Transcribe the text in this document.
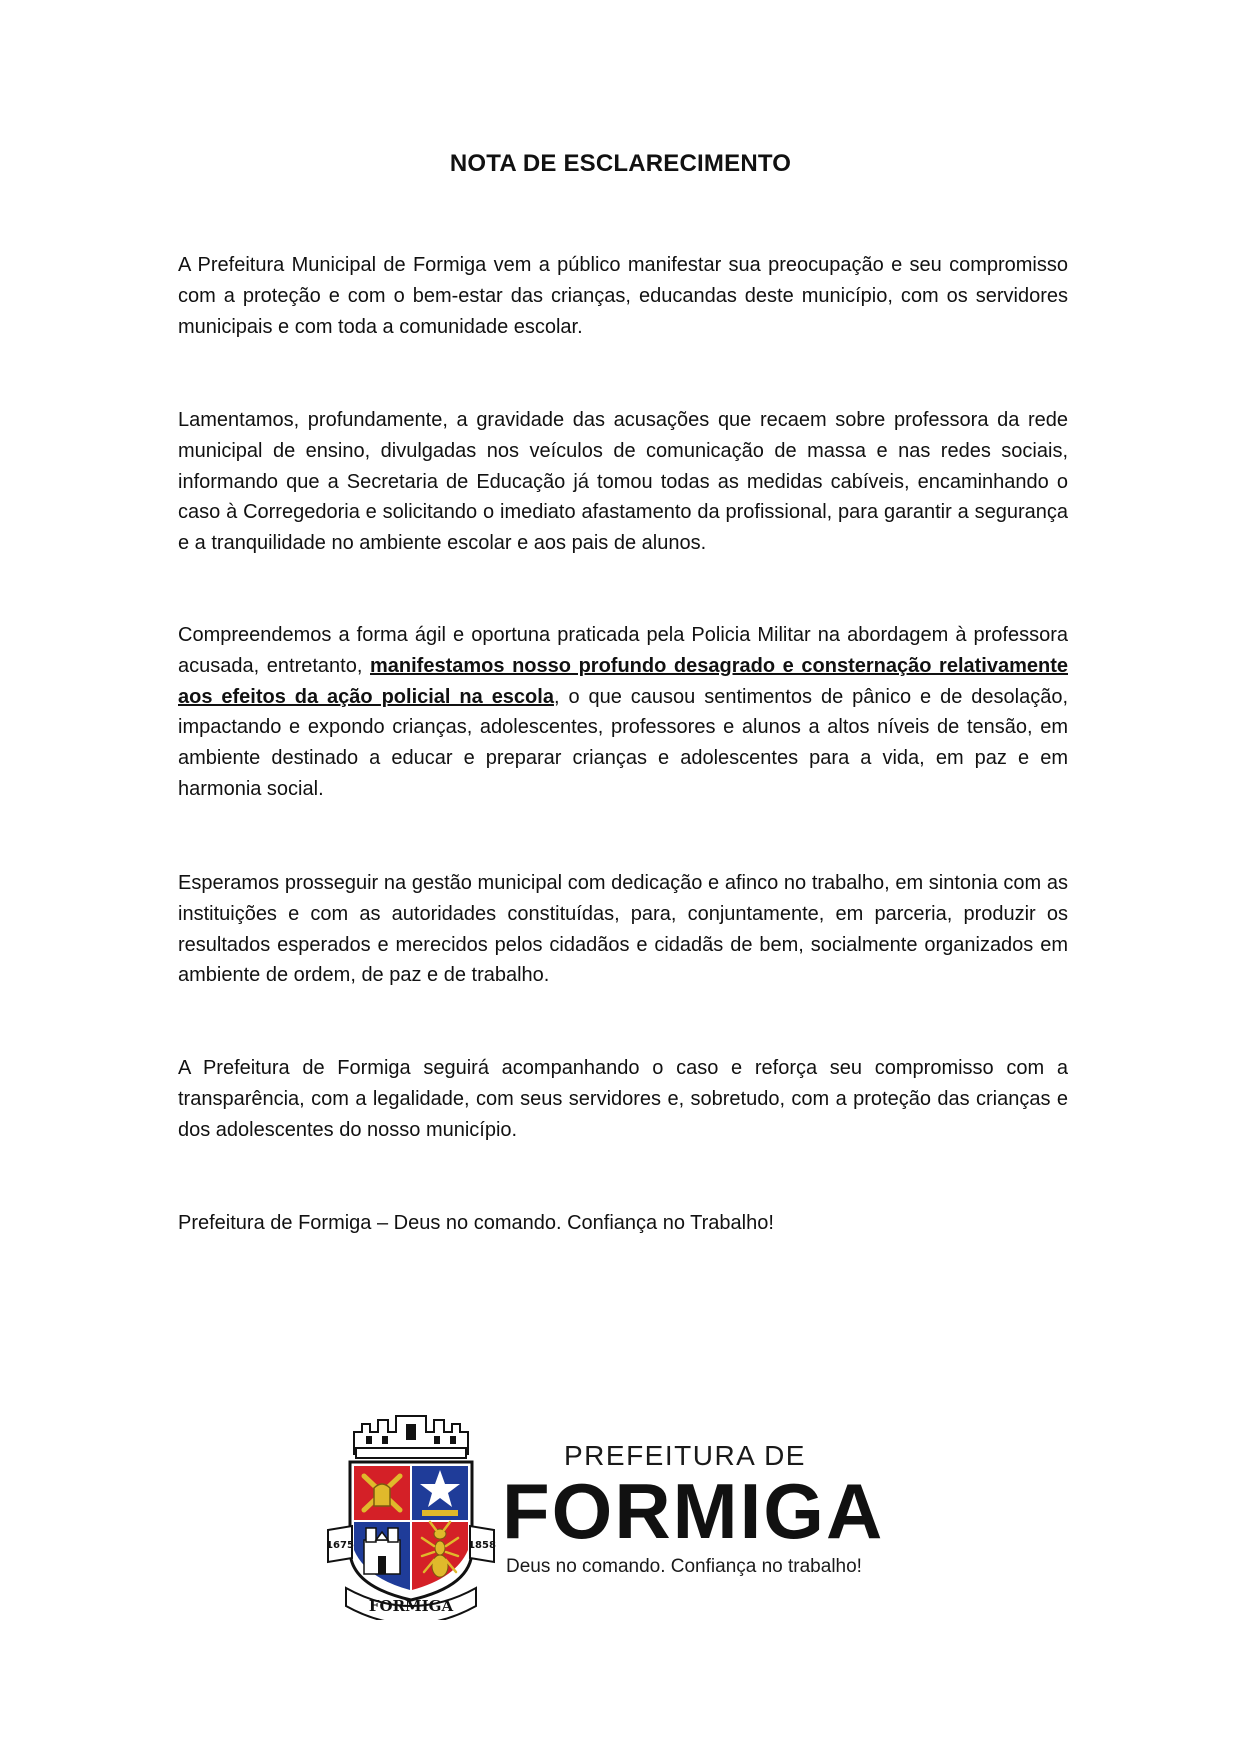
NOTA DE ESCLARECIMENTO

A Prefeitura Municipal de Formiga vem a público manifestar sua preocupação e seu compromisso com a proteção e com o bem-estar das crianças, educandas deste município, com os servidores municipais e com toda a comunidade escolar.

Lamentamos, profundamente, a gravidade das acusações que recaem sobre professora da rede municipal de ensino, divulgadas nos veículos de comunicação de massa e nas redes sociais, informando que a Secretaria de Educação já tomou todas as medidas cabíveis, encaminhando o caso à Corregedoria e solicitando o imediato afastamento da profissional, para garantir a segurança e a tranquilidade no ambiente escolar e aos pais de alunos.

Compreendemos a forma ágil e oportuna praticada pela Policia Militar na abordagem à professora acusada, entretanto, manifestamos nosso profundo desagrado e consternação relativamente aos efeitos da ação policial na escola, o que causou sentimentos de pânico e de desolação, impactando e expondo crianças, adolescentes, professores e alunos a altos níveis de tensão, em ambiente destinado a educar e preparar crianças e adolescentes para a vida, em paz e em harmonia social.

Esperamos prosseguir na gestão municipal com dedicação e afinco no trabalho, em sintonia com as instituições e com as autoridades constituídas, para, conjuntamente, em parceria, produzir os resultados esperados e merecidos pelos cidadãos e cidadãs de bem, socialmente organizados em ambiente de ordem, de paz e de trabalho.

A Prefeitura de Formiga seguirá acompanhando o caso e reforça seu compromisso com a transparência, com a legalidade, com seus servidores e, sobretudo, com a proteção das crianças e dos adolescentes do nosso município.

Prefeitura de Formiga – Deus no comando. Confiança no Trabalho!

1675	1858
FORMIGA
PREFEITURA DE
FORMIGA
Deus no comando. Confiança no trabalho!
